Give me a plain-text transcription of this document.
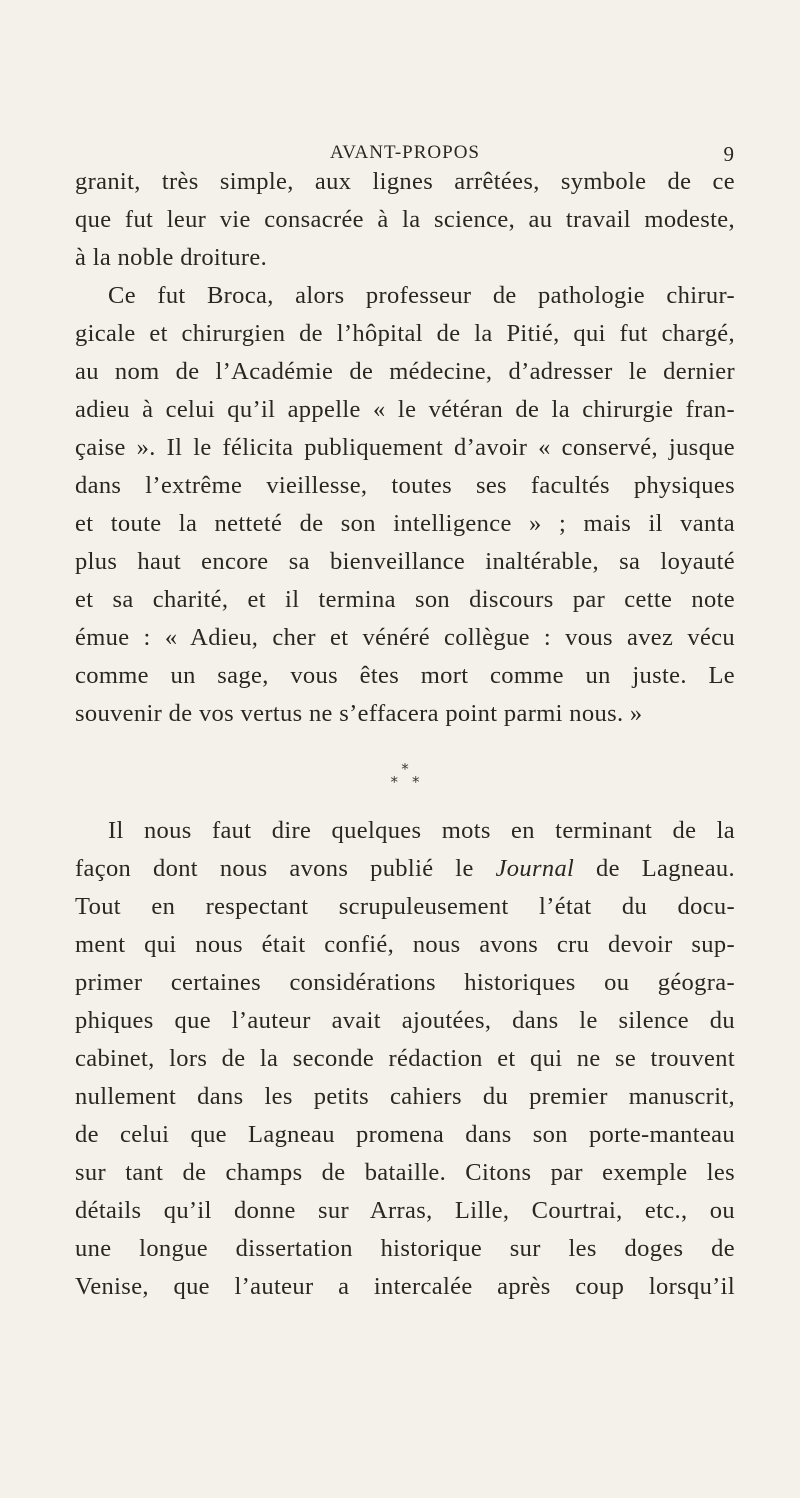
AVANT-PROPOS	9
granit, très simple, aux lignes arrêtées, symbole de ce
que fut leur vie consacrée à la science, au travail modeste,
à la noble droiture.
Ce fut Broca, alors professeur de pathologie chirur-
gicale et chirurgien de l’hôpital de la Pitié, qui fut chargé,
au nom de l’Académie de médecine, d’adresser le dernier
adieu à celui qu’il appelle « le vétéran de la chirurgie fran-
çaise ». Il le félicita publiquement d’avoir « conservé, jusque
dans l’extrême vieillesse, toutes ses facultés physiques
et toute la netteté de son intelligence » ; mais il vanta
plus haut encore sa bienveillance inaltérable, sa loyauté
et sa charité, et il termina son discours par cette note
émue : « Adieu, cher et vénéré collègue : vous avez vécu
comme un sage, vous êtes mort comme un juste. Le
souvenir de vos vertus ne s’effacera point parmi nous. »
*
**
Il nous faut dire quelques mots en terminant de la
façon dont nous avons publié le Journal de Lagneau.
Tout en respectant scrupuleusement l’état du docu-
ment qui nous était confié, nous avons cru devoir sup-
primer certaines considérations historiques ou géogra-
phiques que l’auteur avait ajoutées, dans le silence du
cabinet, lors de la seconde rédaction et qui ne se trouvent
nullement dans les petits cahiers du premier manuscrit,
de celui que Lagneau promena dans son porte-manteau
sur tant de champs de bataille. Citons par exemple les
détails qu’il donne sur Arras, Lille, Courtrai, etc., ou
une longue dissertation historique sur les doges de
Venise, que l’auteur a intercalée après coup lorsqu’il
